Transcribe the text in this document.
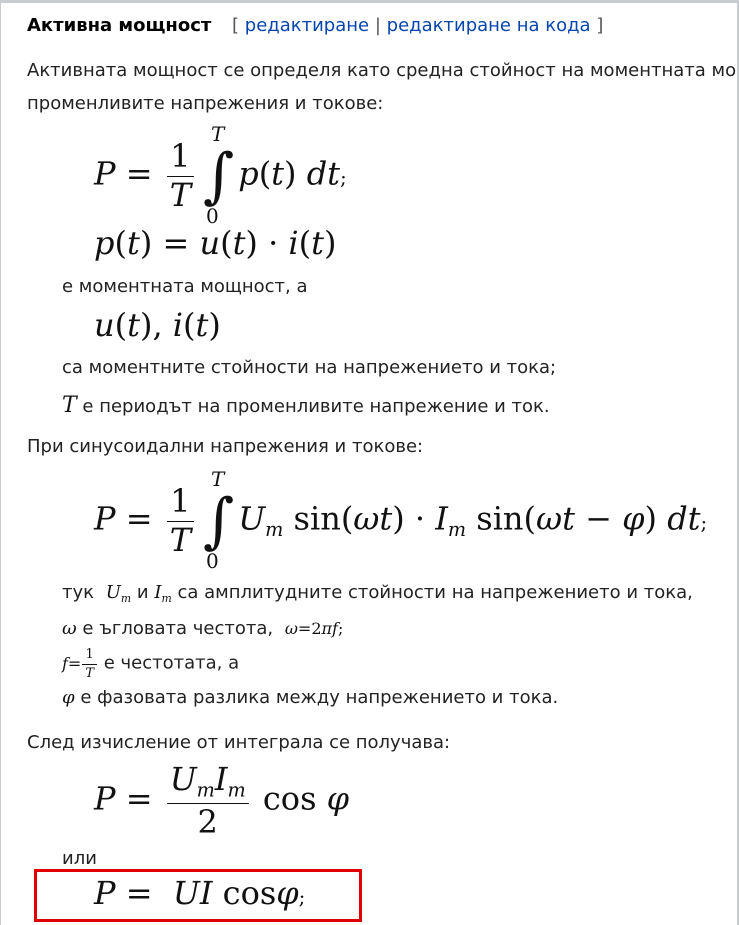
Активна мощност [ редактиране | редактиране на кода ]
Активната мощност се определя като средна стойност на моментната мо
променливите напрежения и токове:
$P = \frac{1}{T}$ ∫
T
0
p(t) dt;
p(t) = u(t) · i(t)
е моментната мощност, а
u(t), i(t)
са моментните стойности на напрежението и тока;
T е периодът на променливите напрежение и ток.
При синусоидални напрежения и токове:
$P = \frac{1}{T}$ ∫
T
0
$U_m$ $\sin(\omega t) \cdot I_m$ sin(ωt − φ) dt;
тук $U_m$ и $I_m$ са амплитудните стойности на напрежението и тока,
ω е ъгловата честота, ω=2πf;
$f= \frac{1}{T}$ е честотата, а
φ е фазовата разлика между напрежението и тока.
След изчисление от интеграла се получава:
$P = \frac{U_mI_m}{2}$ cos φ
или
P =  UI cosφ;
